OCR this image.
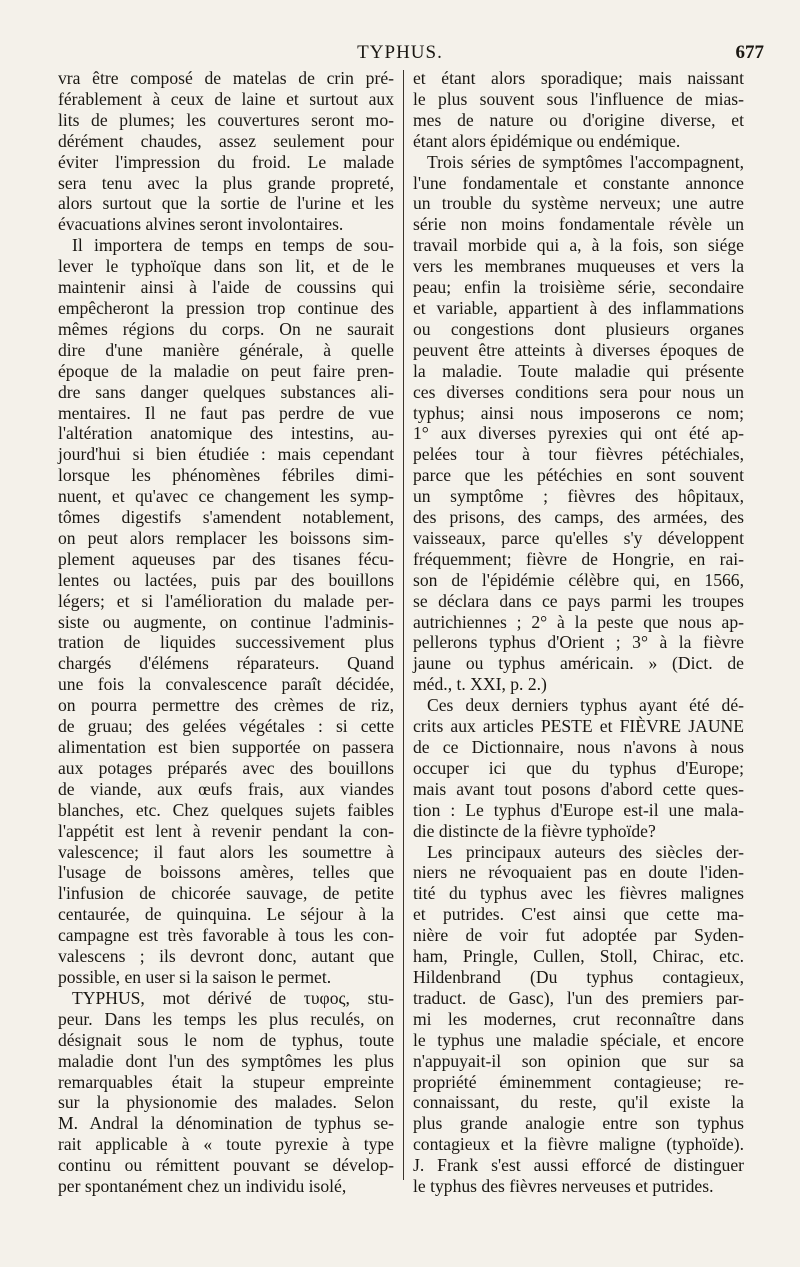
TYPHUS.	677
vra être composé de matelas de crin pré-
férablement à ceux de laine et surtout aux
lits de plumes; les couvertures seront mo-
dérément chaudes, assez seulement pour
éviter l'impression du froid. Le malade
sera tenu avec la plus grande propreté,
alors surtout que la sortie de l'urine et les
évacuations alvines seront involontaires.
Il importera de temps en temps de sou-
lever le typhoïque dans son lit, et de le
maintenir ainsi à l'aide de coussins qui
empêcheront la pression trop continue des
mêmes régions du corps. On ne saurait
dire d'une manière générale, à quelle
époque de la maladie on peut faire pren-
dre sans danger quelques substances ali-
mentaires. Il ne faut pas perdre de vue
l'altération anatomique des intestins, au-
jourd'hui si bien étudiée : mais cependant
lorsque les phénomènes fébriles dimi-
nuent, et qu'avec ce changement les symp-
tômes digestifs s'amendent notablement,
on peut alors remplacer les boissons sim-
plement aqueuses par des tisanes fécu-
lentes ou lactées, puis par des bouillons
légers; et si l'amélioration du malade per-
siste ou augmente, on continue l'adminis-
tration de liquides successivement plus
chargés d'élémens réparateurs. Quand
une fois la convalescence paraît décidée,
on pourra permettre des crèmes de riz,
de gruau; des gelées végétales : si cette
alimentation est bien supportée on passera
aux potages préparés avec des bouillons
de viande, aux œufs frais, aux viandes
blanches, etc. Chez quelques sujets faibles
l'appétit est lent à revenir pendant la con-
valescence; il faut alors les soumettre à
l'usage de boissons amères, telles que
l'infusion de chicorée sauvage, de petite
centaurée, de quinquina. Le séjour à la
campagne est très favorable à tous les con-
valescens ; ils devront donc, autant que
possible, en user si la saison le permet.
TYPHUS, mot dérivé de τυφος, stu-
peur. Dans les temps les plus reculés, on
désignait sous le nom de typhus, toute
maladie dont l'un des symptômes les plus
remarquables était la stupeur empreinte
sur la physionomie des malades. Selon
M. Andral la dénomination de typhus se-
rait applicable à « toute pyrexie à type
continu ou rémittent pouvant se dévelop-
per spontanément chez un individu isolé,
et étant alors sporadique; mais naissant
le plus souvent sous l'influence de mias-
mes de nature ou d'origine diverse, et
étant alors épidémique ou endémique.
Trois séries de symptômes l'accompagnent,
l'une fondamentale et constante annonce
un trouble du système nerveux; une autre
série non moins fondamentale révèle un
travail morbide qui a, à la fois, son siége
vers les membranes muqueuses et vers la
peau; enfin la troisième série, secondaire
et variable, appartient à des inflammations
ou congestions dont plusieurs organes
peuvent être atteints à diverses époques de
la maladie. Toute maladie qui présente
ces diverses conditions sera pour nous un
typhus; ainsi nous imposerons ce nom;
1° aux diverses pyrexies qui ont été ap-
pelées tour à tour fièvres pétéchiales,
parce que les pétéchies en sont souvent
un symptôme ; fièvres des hôpitaux,
des prisons, des camps, des armées, des
vaisseaux, parce qu'elles s'y développent
fréquemment; fièvre de Hongrie, en rai-
son de l'épidémie célèbre qui, en 1566,
se déclara dans ce pays parmi les troupes
autrichiennes ; 2° à la peste que nous ap-
pellerons typhus d'Orient ; 3° à la fièvre
jaune ou typhus américain. » (Dict. de
méd., t. XXI, p. 2.)
Ces deux derniers typhus ayant été dé-
crits aux articles PESTE et FIÈVRE JAUNE
de ce Dictionnaire, nous n'avons à nous
occuper ici que du typhus d'Europe;
mais avant tout posons d'abord cette ques-
tion : Le typhus d'Europe est-il une mala-
die distincte de la fièvre typhoïde?
Les principaux auteurs des siècles der-
niers ne révoquaient pas en doute l'iden-
tité du typhus avec les fièvres malignes
et putrides. C'est ainsi que cette ma-
nière de voir fut adoptée par Syden-
ham, Pringle, Cullen, Stoll, Chirac, etc.
Hildenbrand (Du typhus contagieux,
traduct. de Gasc), l'un des premiers par-
mi les modernes, crut reconnaître dans
le typhus une maladie spéciale, et encore
n'appuyait-il son opinion que sur sa
propriété éminemment contagieuse; re-
connaissant, du reste, qu'il existe la
plus grande analogie entre son typhus
contagieux et la fièvre maligne (typhoïde).
J. Frank s'est aussi efforcé de distinguer
le typhus des fièvres nerveuses et putrides.
